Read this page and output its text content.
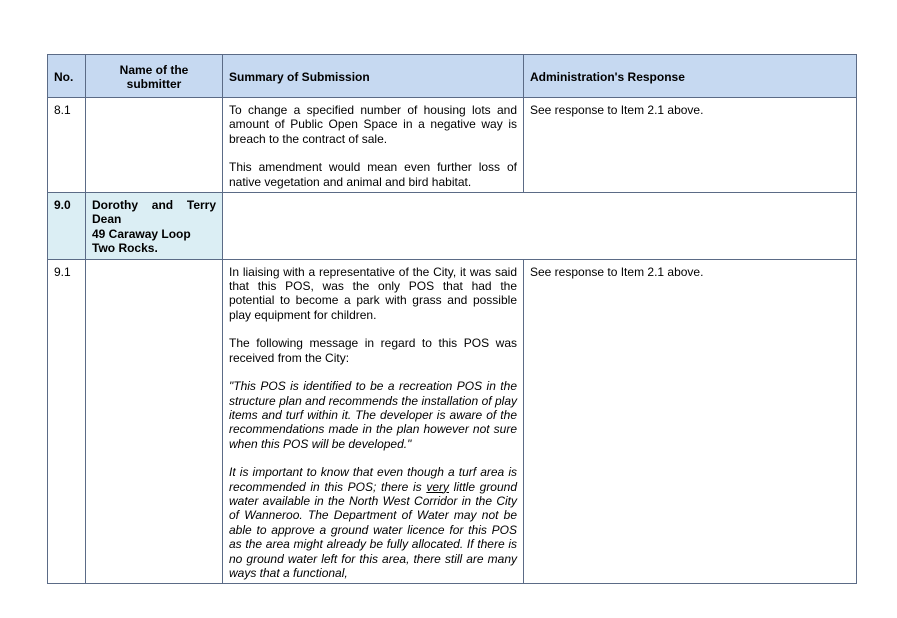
No.	Name of the submitter	Summary of Submission	Administration's Response
8.1		To change a specified number of housing lots and amount of Public Open Space in a negative way is breach to the contract of sale.

This amendment would mean even further loss of native vegetation and animal and bird habitat.	See response to Item 2.1 above.
9.0	Dorothy and Terry Dean

49 Caraway Loop

Two Rocks.		

9.1		In liaising with a representative of the City, it was said that this POS, was the only POS that had the potential to become a park with grass and possible play equipment for children.

The following message in regard to this POS was received from the City:

"This POS is identified to be a recreation POS in the structure plan and recommends the installation of play items and turf within it. The developer is aware of the recommendations made in the plan however not sure when this POS will be developed."

It is important to know that even though a turf area is recommended in this POS; there is very little ground water available in the North West Corridor in the City of Wanneroo. The Department of Water may not be able to approve a ground water licence for this POS as the area might already be fully allocated. If there is no ground water left for this area, there still are many ways that a functional,	See response to Item 2.1 above.
